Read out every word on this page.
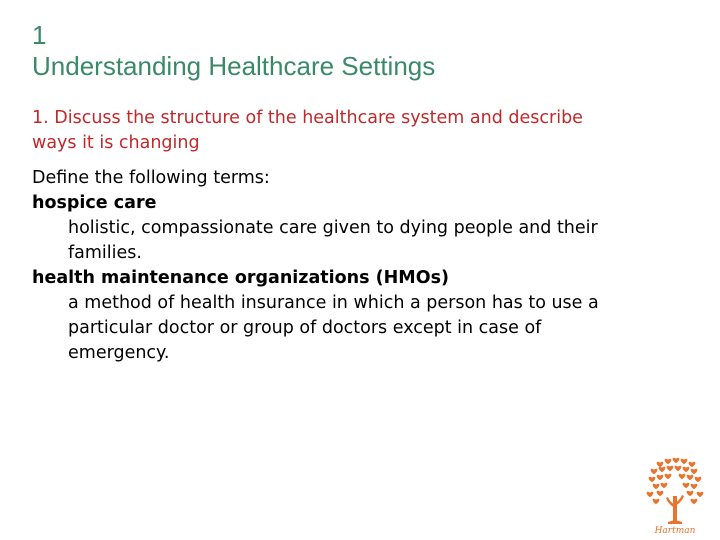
1
Understanding Healthcare Settings
1. Discuss the structure of the healthcare system and describe
ways it is changing
Define the following terms:
hospice care
holistic, compassionate care given to dying people and their
families.
health maintenance organizations (HMOs)
a method of health insurance in which a person has to use a
particular doctor or group of doctors except in case of
emergency.
Hartman
